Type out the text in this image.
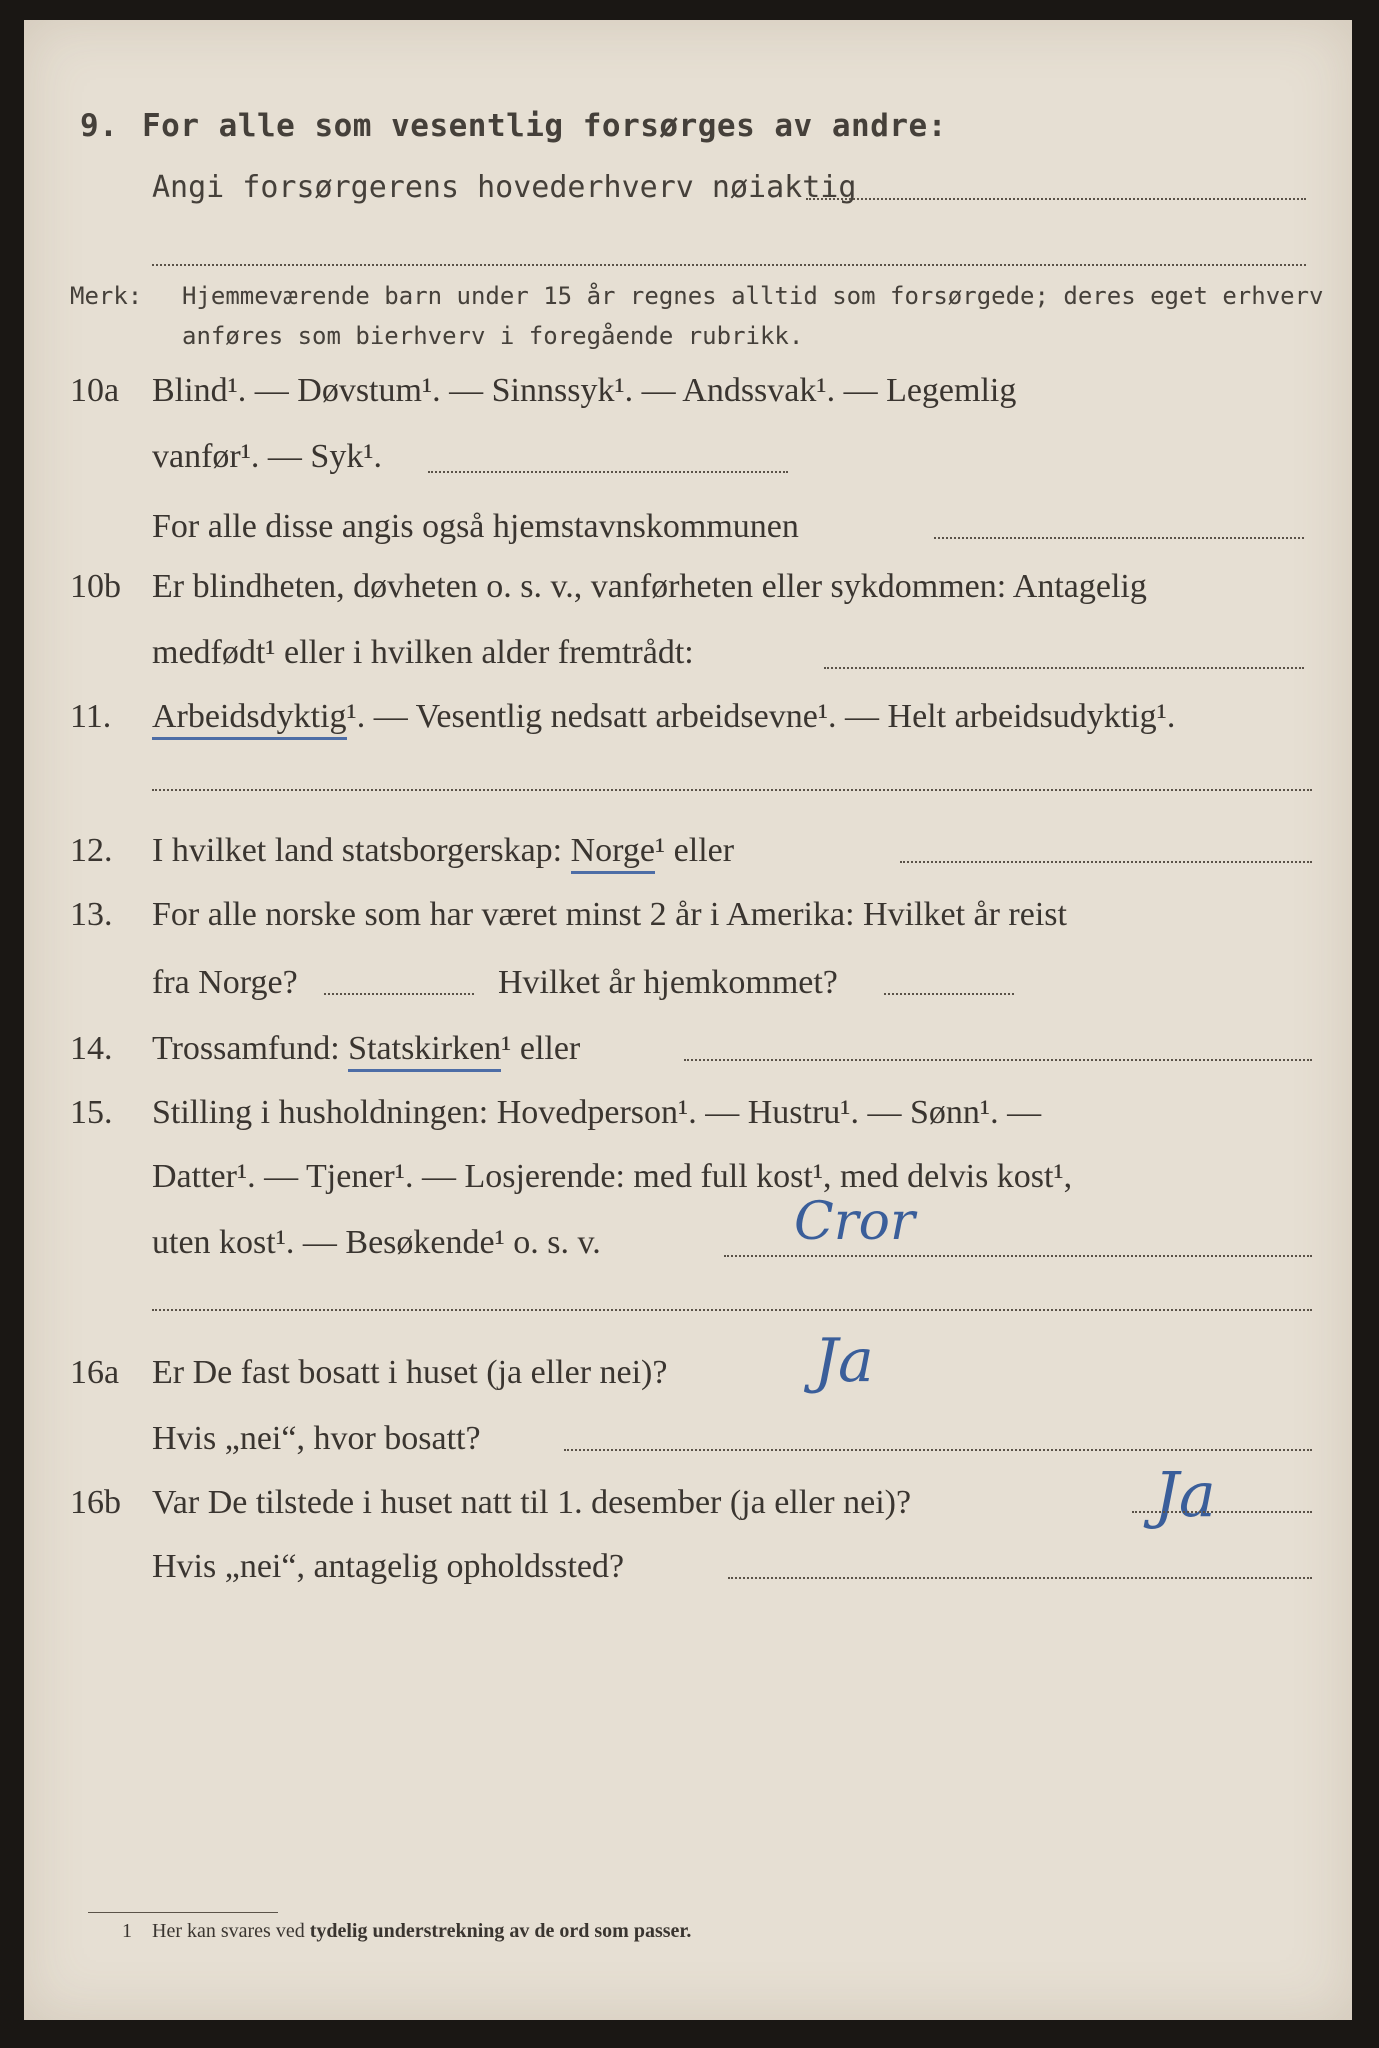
9. For alle som vesentlig forsørges av andre:
Angi forsørgerens hovederhverv nøiaktig
Merk: Hjemmeværende barn under 15 år regnes alltid som forsørgede; deres eget erhverv
anføres som bierhverv i foregående rubrikk.
10a Blind¹. — Døvstum¹. — Sinnssyk¹. — Andssvak¹. — Legemlig
vanfør¹. — Syk¹.
For alle disse angis også hjemstavnskommunen
10b Er blindheten, døvheten o. s. v., vanførheten eller sykdommen: Antagelig
medfødt¹ eller i hvilken alder fremtrådt:
11. Arbeidsdyktig¹. — Vesentlig nedsatt arbeidsevne¹. — Helt arbeidsudyktig¹.
12. I hvilket land statsborgerskap: Norge¹ eller
13. For alle norske som har været minst 2 år i Amerika: Hvilket år reist
fra Norge?	Hvilket år hjemkommet?
14. Trossamfund: Statskirken¹ eller
15. Stilling i husholdningen: Hovedperson¹. — Hustru¹. — Sønn¹. —
Datter¹. — Tjener¹. — Losjerende: med full kost¹, med delvis kost¹,
uten kost¹. — Besøkende¹ o. s. v.	Cror
16a Er De fast bosatt i huset (ja eller nei)? Ja
Hvis „nei“, hvor bosatt?
16b Var De tilstede i huset natt til 1. desember (ja eller nei)?	Ja
Hvis „nei“, antagelig opholdssted?
1 Her kan svares ved tydelig understrekning av de ord som passer.
